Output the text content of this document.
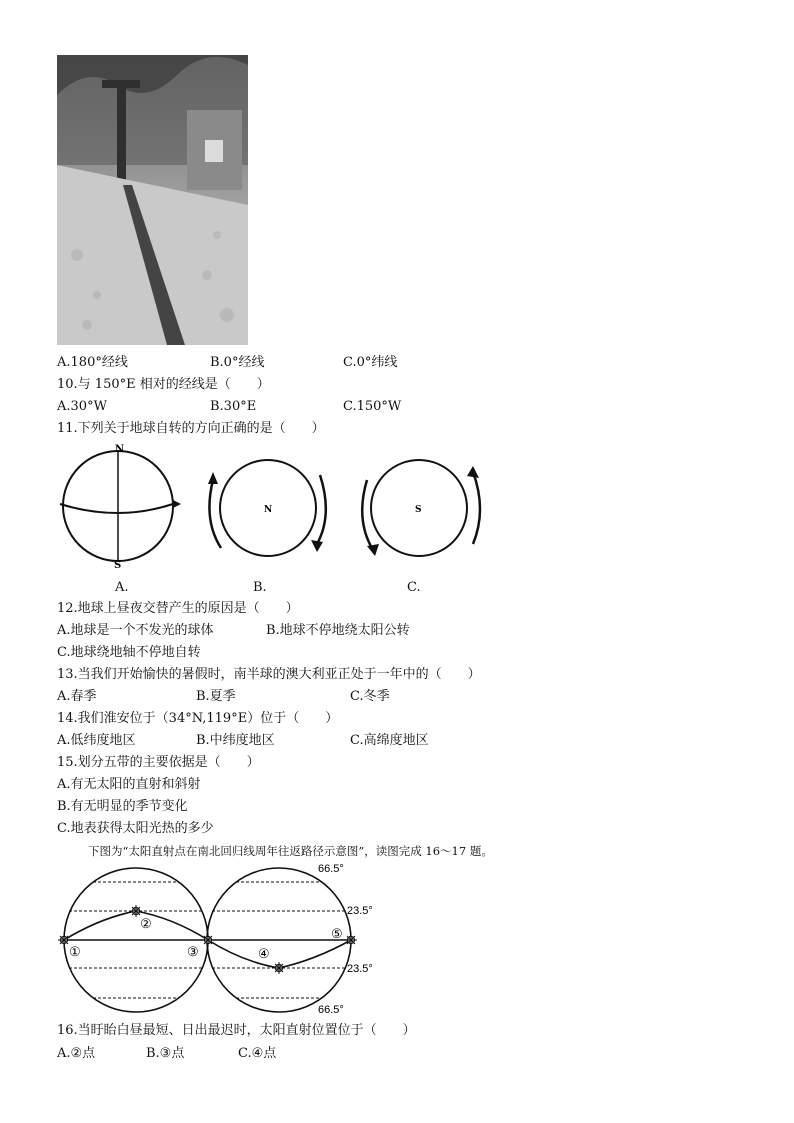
A.180°经线	B.0°经线	C.0°纬线
10.与 150°E 相对的经线是（　　）
A.30°W	B.30°E	C.150°W
11.下列关于地球自转的方向正确的是（　　）
N
S
N	S
A.	B.	C.
12.地球上昼夜交替产生的原因是（　　）
A.地球是一个不发光的球体	B.地球不停地绕太阳公转
C.地球绕地轴不停地自转
13.当我们开始愉快的暑假时，南半球的澳大利亚正处于一年中的（　　）
A.春季	B.夏季	C.冬季
14.我们淮安位于（34°N,119°E）位于（　　）
A.低纬度地区	B.中纬度地区	C.高绵度地区
15.划分五带的主要依据是（　　）
A.有无太阳的直射和斜射
B.有无明显的季节变化
C.地表获得太阳光热的多少
下图为“太阳直射点在南北回归线周年往返路径示意图”，读图完成 16～17 题。
①
②
③	④
⑤
66.5°
23.5°
23.5°
66.5°
16.当盱眙白昼最短、日出最迟时，太阳直射位置位于（　　）
A.②点	B.③点	C.④点
